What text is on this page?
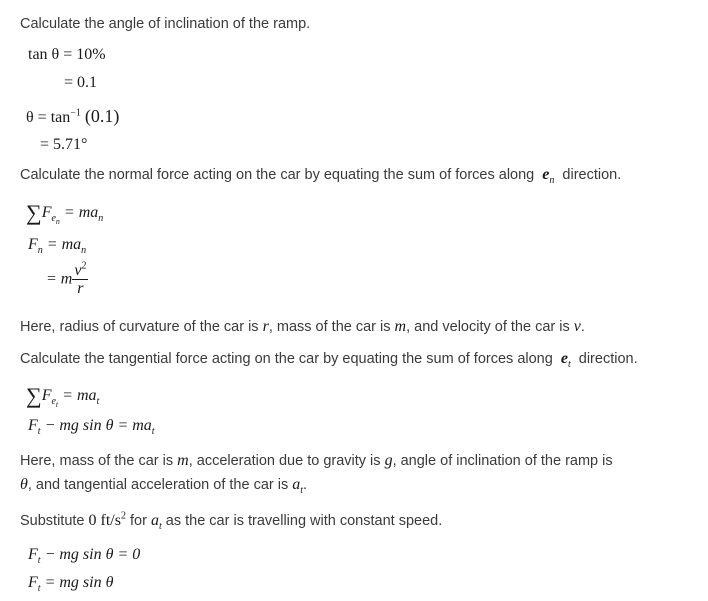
Calculate the angle of inclination of the ramp.
tan θ = 10%
= 0.1
$\theta = \tan^{-1} (0.1)$
= 5.71°
Calculate the normal force acting on the car by equating the sum of forces along $e_n$ direction.
$\sum F_{e_n} = ma_n$
$F_n = ma_n$
= m $\frac{v^2}{r}$
Here, radius of curvature of the car is r, mass of the car is m, and velocity of the car is v.
Calculate the tangential force acting on the car by equating the sum of forces along $e_t$ direction.
$\sum F_{e_t} = ma_t$
$F_t$ − mg $\sin \theta = ma_t$
Here, mass of the car is m, acceleration due to gravity is g, angle of inclination of the ramp is
θ, and tangential acceleration of the car is $a_t$.
Substitute 0 $ft/s^2$ for $a_t$ as the car is travelling with constant speed.
$F_t$ − mg sin θ = 0
$F_t$ = mg sin θ
